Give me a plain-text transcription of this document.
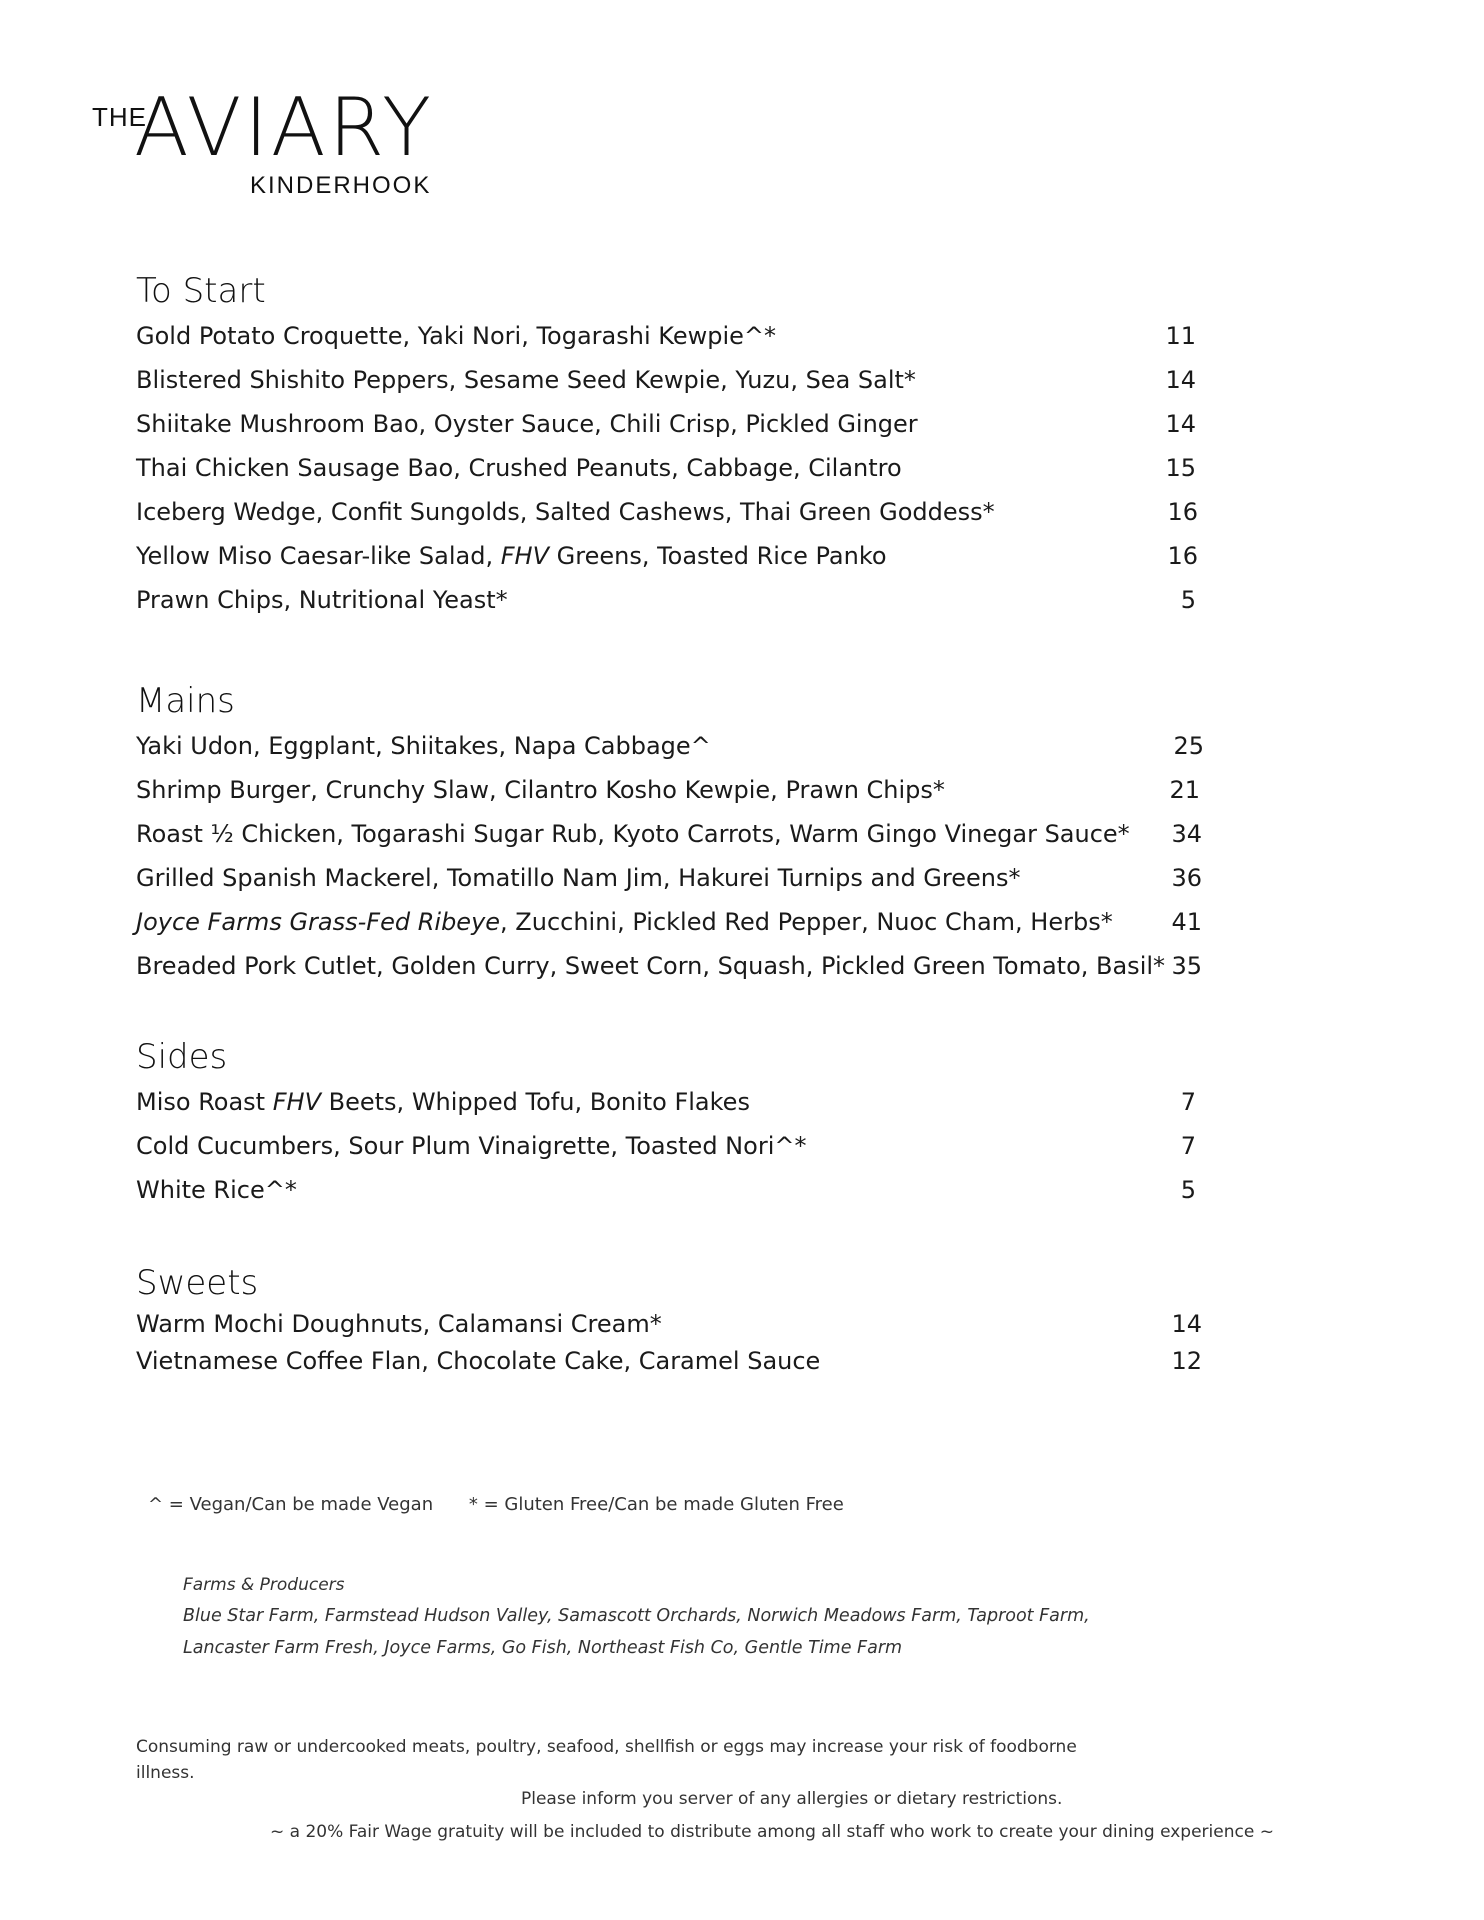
THE
AVIARY
KINDERHOOK
To Start
Gold Potato Croquette, Yaki Nori, Togarashi Kewpie^*	11
Blistered Shishito Peppers, Sesame Seed Kewpie, Yuzu, Sea Salt*	14
Shiitake Mushroom Bao, Oyster Sauce, Chili Crisp, Pickled Ginger	14
Thai Chicken Sausage Bao, Crushed Peanuts, Cabbage, Cilantro	15
Iceberg Wedge, Confit Sungolds, Salted Cashews, Thai Green Goddess*	16
Yellow Miso Caesar-like Salad, FHV Greens, Toasted Rice Panko	16
Prawn Chips, Nutritional Yeast*	5
Mains
Yaki Udon, Eggplant, Shiitakes, Napa Cabbage^	25
Shrimp Burger, Crunchy Slaw, Cilantro Kosho Kewpie, Prawn Chips*	21
Roast ½ Chicken, Togarashi Sugar Rub, Kyoto Carrots, Warm Gingo Vinegar Sauce*	34
Grilled Spanish Mackerel, Tomatillo Nam Jim, Hakurei Turnips and Greens*	36
Joyce Farms Grass-Fed Ribeye, Zucchini, Pickled Red Pepper, Nuoc Cham, Herbs*	41
Breaded Pork Cutlet, Golden Curry, Sweet Corn, Squash, Pickled Green Tomato, Basil* 35
Sides
Miso Roast FHV Beets, Whipped Tofu, Bonito Flakes	7
Cold Cucumbers, Sour Plum Vinaigrette, Toasted Nori^*	7
White Rice^*	5
Sweets
Warm Mochi Doughnuts, Calamansi Cream*	14
Vietnamese Coffee Flan, Chocolate Cake, Caramel Sauce	12
^ = Vegan/Can be made Vegan * = Gluten Free/Can be made Gluten Free
Farms & Producers
Blue Star Farm, Farmstead Hudson Valley, Samascott Orchards, Norwich Meadows Farm, Taproot Farm,
Lancaster Farm Fresh, Joyce Farms, Go Fish, Northeast Fish Co, Gentle Time Farm
Consuming raw or undercooked meats, poultry, seafood, shellfish or eggs may increase your risk of foodborne illness.
Please inform you server of any allergies or dietary restrictions.
~ a 20% Fair Wage gratuity will be included to distribute among all staff who work to create your dining experience ~
